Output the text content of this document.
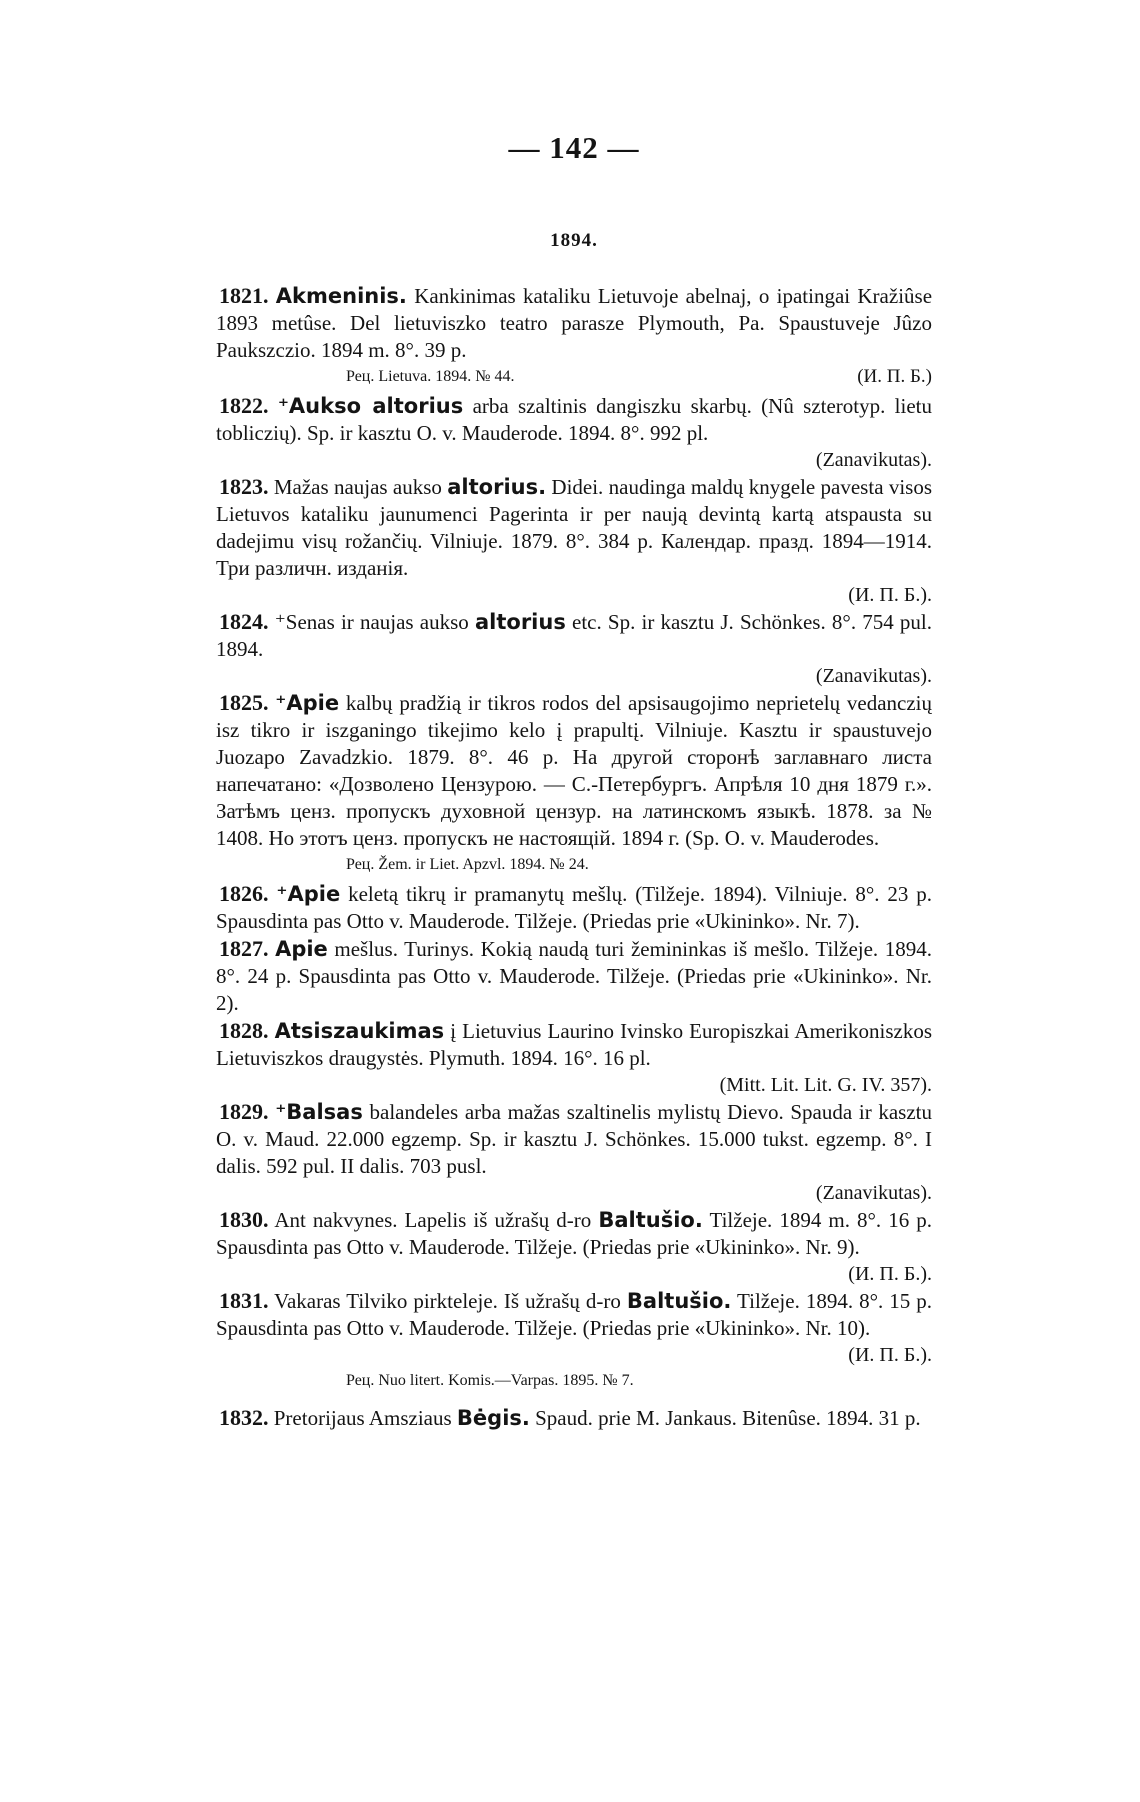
— 142 —
1894.

1821. Akmeninis. Kankinimas kataliku Lietuvoje abelnaj, o ipatingai Kražiûse 1893 metûse. Del lietuviszko teatro parasze Plymouth, Pa. Spaustuveje Jûzo Paukszczio. 1894 m. 8°. 39 p.

Рец. Lietuva. 1894. № 44.	(И. П. Б.)

1822. ⁺Aukso altorius arba szaltinis dangiszku skarbų. (Nû szterotyp. lietu tobliczių). Sp. ir kasztu O. v. Mauderode. 1894. 8°. 992 pl.

(Zanavikutas).

1823. Mažas naujas aukso altorius. Didei. naudinga maldų knygele pavesta visos Lietuvos kataliku jaunumenci Pagerinta ir per naują devintą kartą atspausta su dadejimu visų rožančių. Vilniuje. 1879. 8°. 384 p. Календар. празд. 1894—1914. Три различн. изданія.

(И. П. Б.).

1824. ⁺Senas ir naujas aukso altorius etc. Sp. ir kasztu J. Schönkes. 8°. 754 pul. 1894.

(Zanavikutas).

1825. ⁺Apie kalbų pradžią ir tikros rodos del apsisaugojimo neprietelų vedanczių isz tikro ir iszganingo tikejimo kelo į prapultį. Vilniuje. Kasztu ir spaustuvejo Juozapo Zavadzkio. 1879. 8°. 46 p. На другой сторонѣ заглавнаго листа напечатано: «Дозволено Цензурою. — С.-Петербургъ. Апрѣля 10 дня 1879 г.». Затѣмъ ценз. пропускъ духовной цензур. на латинскомъ языкѣ. 1878. за № 1408. Но этотъ ценз. пропускъ не настоящій. 1894 г. (Sp. O. v. Mauderodes.

Рец. Žem. ir Liet. Apzvl. 1894. № 24.

1826. ⁺Apie keletą tikrų ir pramanytų mešlų. (Tilžeje. 1894). Vilniuje. 8°. 23 p. Spausdinta pas Otto v. Mauderode. Tilžeje. (Priedas prie «Ukininko». Nr. 7).

1827. Apie mešlus. Turinys. Kokią naudą turi žemininkas iš mešlo. Tilžeje. 1894. 8°. 24 p. Spausdinta pas Otto v. Mauderode. Tilžeje. (Priedas prie «Ukininko». Nr. 2).

1828. Atsiszaukimas į Lietuvius Laurino Ivinsko Europiszkai Amerikoniszkos Lietuviszkos draugystės. Plymuth. 1894. 16°. 16 pl.

(Mitt. Lit. Lit. G. IV. 357).

1829. ⁺Balsas balandeles arba mažas szaltinelis mylistų Dievo. Spauda ir kasztu O. v. Maud. 22.000 egzemp. Sp. ir kasztu J. Schönkes. 15.000 tukst. egzemp. 8°. I dalis. 592 pul. II dalis. 703 pusl.

(Zanavikutas).

1830. Ant nakvynes. Lapelis iš užrašų d-ro Baltušio. Tilžeje. 1894 m. 8°. 16 p. Spausdinta pas Otto v. Mauderode. Tilžeje. (Priedas prie «Ukininko». Nr. 9).

(И. П. Б.).

1831. Vakaras Tilviko pirkteleje. Iš užrašų d-ro Baltušio. Tilžeje. 1894. 8°. 15 p. Spausdinta pas Otto v. Mauderode. Tilžeje. (Priedas prie «Ukininko». Nr. 10).

(И. П. Б.).

Рец. Nuo litert. Komis.—Varpas. 1895. № 7.

1832. Pretorijaus Amsziaus Bėgis. Spaud. prie M. Jankaus. Bitenûse. 1894. 31 p.
